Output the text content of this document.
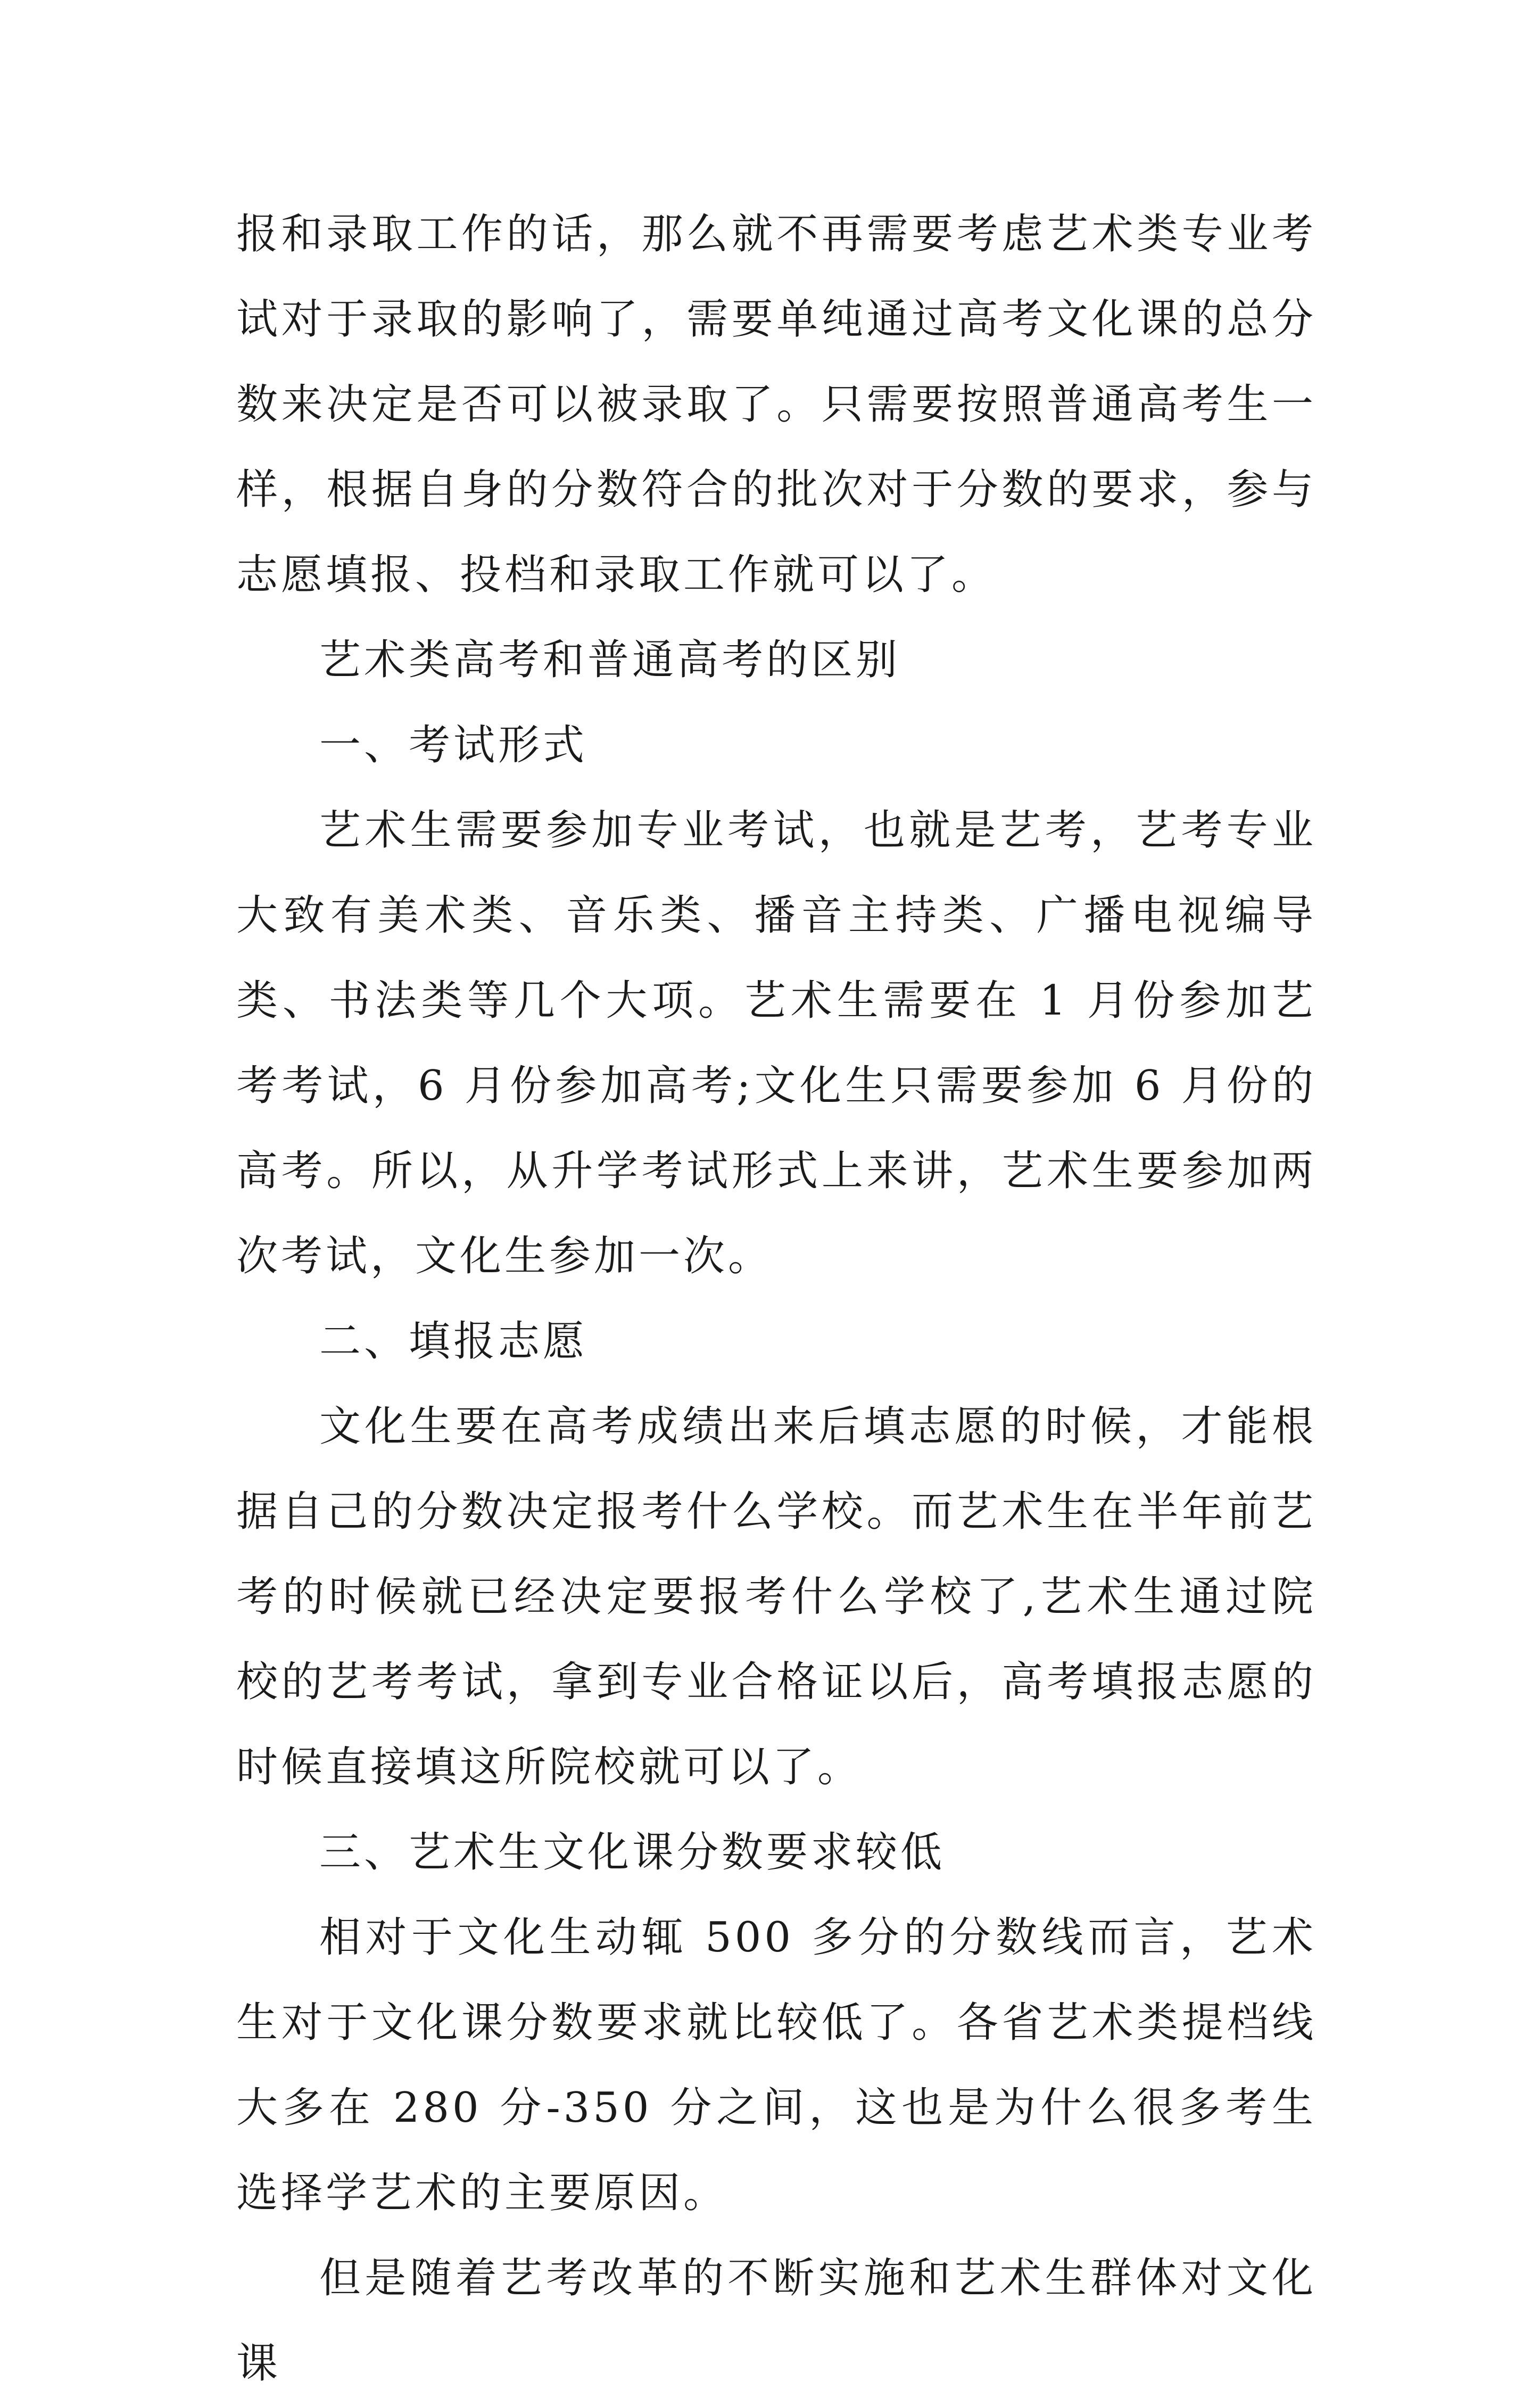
报和录取工作的话，那么就不再需要考虑艺术类专业考试对于录取的影响了，需要单纯通过高考文化课的总分数来决定是否可以被录取了。只需要按照普通高考生一样，根据自身的分数符合的批次对于分数的要求，参与志愿填报、投档和录取工作就可以了。

艺术类高考和普通高考的区别

一、考试形式

艺术生需要参加专业考试，也就是艺考，艺考专业大致有美术类、音乐类、播音主持类、广播电视编导类、书法类等几个大项。艺术生需要在 1 月份参加艺考考试，6 月份参加高考;文化生只需要参加 6 月份的高考。所以，从升学考试形式上来讲，艺术生要参加两次考试，文化生参加一次。

二、填报志愿

文化生要在高考成绩出来后填志愿的时候，才能根据自己的分数决定报考什么学校。而艺术生在半年前艺考的时候就已经决定要报考什么学校了,艺术生通过院校的艺考考试，拿到专业合格证以后，高考填报志愿的时候直接填这所院校就可以了。

三、艺术生文化课分数要求较低

相对于文化生动辄 500 多分的分数线而言，艺术生对于文化课分数要求就比较低了。各省艺术类提档线大多在 280 分-350 分之间，这也是为什么很多考生选择学艺术的主要原因。

但是随着艺考改革的不断实施和艺术生群体对文化课
